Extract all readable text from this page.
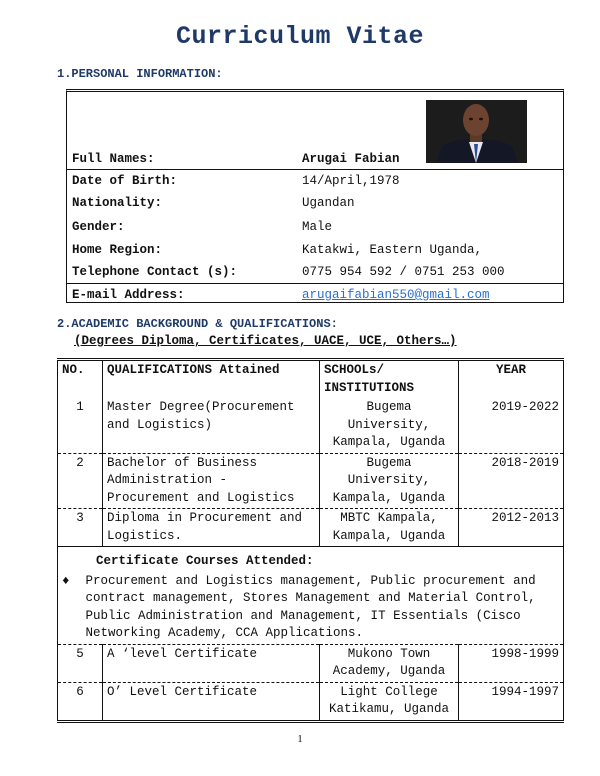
Curriculum Vitae
1.PERSONAL INFORMATION:
Full Names:	Arugai Fabian
Date of Birth:	14/April,1978
Nationality:	Ugandan
Gender:	Male
Home Region:	Katakwi, Eastern Uganda,
Telephone Contact (s):	0775 954 592 / 0751 253 000
E-mail Address:	arugaifabian550@gmail.com
2.ACADEMIC BACKGROUND & QUALIFICATIONS:
(Degrees Diploma, Certificates, UACE, UCE, Others…)
NO.	QUALIFICATIONS Attained	SCHOOLs/ INSTITUTIONS	YEAR
1	Master Degree(Procurement and Logistics)	Bugema University, Kampala, Uganda	2019-2022
2	Bachelor of Business Administration - Procurement and Logistics	Bugema University, Kampala, Uganda	2018-2019
3	Diploma in Procurement and Logistics.	MBTC Kampala, Kampala, Uganda	2012-2013
Certificate Courses Attended:			

♦ Procurement and Logistics management, Public procurement and contract management, Stores Management and Material Control, Public Administration and Management, IT Essentials (Cisco Networking Academy, CCA Applications.			

5	A ‘level Certificate	Mukono Town Academy, Uganda	1998-1999
6	O’ Level Certificate	Light College Katikamu, Uganda	1994-1997
1
